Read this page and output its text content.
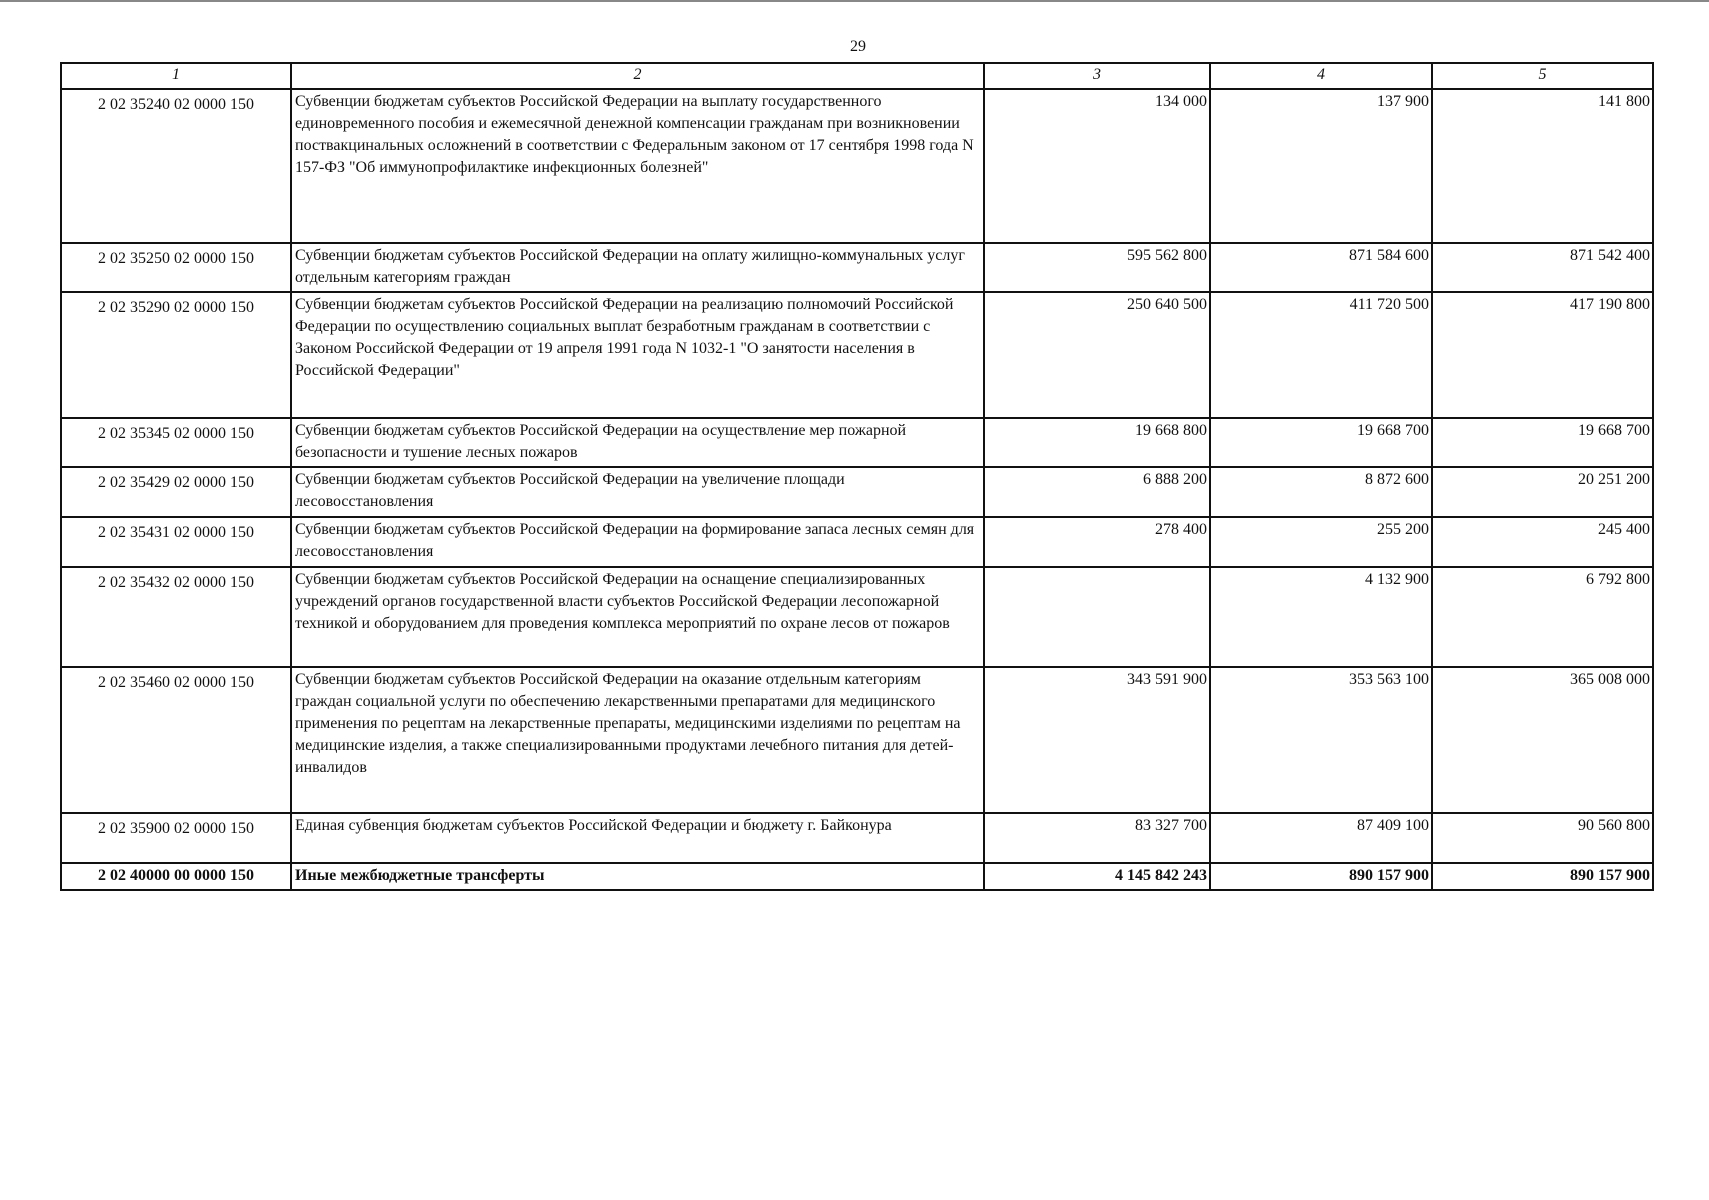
29
1	2	3	4	5
2 02 35240 02 0000 150	Субвенции бюджетам субъектов Российской Федерации на выплату государственного единовременного пособия и ежемесячной денежной компенсации гражданам при возникновении поствакцинальных осложнений в соответствии с Федеральным законом от 17 сентября 1998 года N 157-ФЗ "Об иммунопрофилактике инфекционных болезней"	134 000	137 900	141 800
2 02 35250 02 0000 150	Субвенции бюджетам субъектов Российской Федерации на оплату жилищно-коммунальных услуг отдельным категориям граждан	595 562 800	871 584 600	871 542 400
2 02 35290 02 0000 150	Субвенции бюджетам субъектов Российской Федерации на реализацию полномочий Российской Федерации по осуществлению социальных выплат безработным гражданам в соответствии с Законом Российской Федерации от 19 апреля 1991 года N 1032-1 "О занятости населения в Российской Федерации"	250 640 500	411 720 500	417 190 800
2 02 35345 02 0000 150	Субвенции бюджетам субъектов Российской Федерации на осуществление мер пожарной безопасности и тушение лесных пожаров	19 668 800	19 668 700	19 668 700
2 02 35429 02 0000 150	Субвенции бюджетам субъектов Российской Федерации на увеличение площади лесовосстановления	6 888 200	8 872 600	20 251 200
2 02 35431 02 0000 150	Субвенции бюджетам субъектов Российской Федерации на формирование запаса лесных семян для лесовосстановления	278 400	255 200	245 400
2 02 35432 02 0000 150	Субвенции бюджетам субъектов Российской Федерации на оснащение специализированных учреждений органов государственной власти субъектов Российской Федерации лесопожарной техникой и оборудованием для проведения комплекса мероприятий по охране лесов от пожаров		4 132 900	6 792 800
2 02 35460 02 0000 150	Субвенции бюджетам субъектов Российской Федерации на оказание отдельным категориям граждан социальной услуги по обеспечению лекарственными препаратами для медицинского применения по рецептам на лекарственные препараты, медицинскими изделиями по рецептам на медицинские изделия, а также специализированными продуктами лечебного питания для детей-инвалидов	343 591 900	353 563 100	365 008 000
2 02 35900 02 0000 150	Единая субвенция бюджетам субъектов Российской Федерации и бюджету г. Байконура	83 327 700	87 409 100	90 560 800
2 02 40000 00 0000 150	Иные межбюджетные трансферты	4 145 842 243	890 157 900	890 157 900
